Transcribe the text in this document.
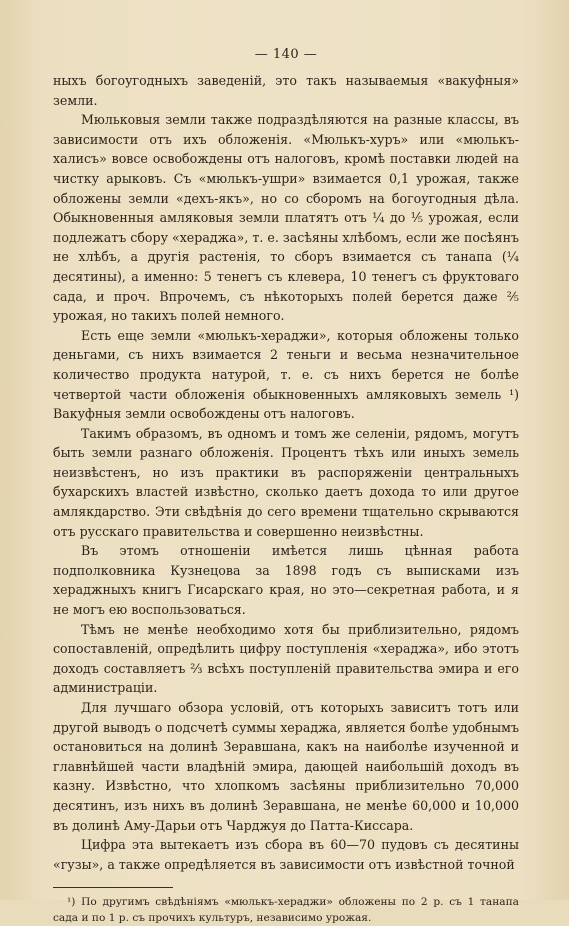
— 140 —

ныхъ богоугодныхъ заведеній, это такъ называемыя «вакуфныя» земли.

Мюльковыя земли также подраздѣляются на разные классы, въ зависимости отъ ихъ обложенія. «Мюлькъ-хуръ» или «мюлькъ-халисъ» вовсе освобождены отъ налоговъ, кромѣ поставки людей на чистку арыковъ. Съ «мюлькъ-ушри» взимается 0,1 урожая, также обложены земли «дехъ-якъ», но со сборомъ на богоугодныя дѣла. Обыкновенныя амляковыя земли платятъ отъ ¼ до ⅕ урожая, если подлежатъ сбору «хераджа», т. е. засѣяны хлѣбомъ, если же посѣянъ не хлѣбъ, а другія растенія, то сборъ взимается съ танапа (¼ десятины), а именно: 5 тенегъ съ клевера, 10 тенегъ съ фруктоваго сада, и проч. Впрочемъ, съ нѣкоторыхъ полей берется даже ⅖ урожая, но такихъ полей немного.

Есть еще земли «мюлькъ-хераджи», которыя обложены только деньгами, съ нихъ взимается 2 теньги и весьма незначительное количество продукта натурой, т. е. съ нихъ берется не болѣе четвертой части обложенія обыкновенныхъ амляковыхъ земель ¹) Вакуфныя земли освобождены отъ налоговъ.

Такимъ образомъ, въ одномъ и томъ же селеніи, рядомъ, могутъ быть земли разнаго обложенія. Процентъ тѣхъ или иныхъ земель неизвѣстенъ, но изъ практики въ распоряженіи центральныхъ бухарскихъ властей извѣстно, сколько даетъ дохода то или другое амлякдарство. Эти свѣдѣнія до сего времени тщательно скрываются отъ русскаго правительства и совершенно неизвѣстны.

Въ этомъ отношеніи имѣется лишь цѣнная работа подполковника Кузнецова за 1898 годъ съ выписками изъ хераджныхъ книгъ Гисарскаго края, но это—секретная работа, и я не могъ ею воспользоваться.

Тѣмъ не менѣе необходимо хотя бы приблизительно, рядомъ сопоставленій, опредѣлить цифру поступленія «хераджа», ибо этотъ доходъ составляетъ ⅔ всѣхъ поступленій правительства эмира и его администраціи.

Для лучшаго обзора условій, отъ которыхъ зависитъ тотъ или другой выводъ о подсчетѣ суммы хераджа, является болѣе удобнымъ остановиться на долинѣ Зеравшана, какъ на наиболѣе изученной и главнѣйшей части владѣній эмира, дающей наибольшій доходъ въ казну. Извѣстно, что хлопкомъ засѣяны приблизительно 70,000 десятинъ, изъ нихъ въ долинѣ Зеравшана, не менѣе 60,000 и 10,000 въ долинѣ Аму-Дарьи отъ Чарджуя до Патта-Киссара.

Цифра эта вытекаетъ изъ сбора въ 60—70 пудовъ съ десятины «гузы», а также опредѣляется въ зависимости отъ извѣстной точной

¹) По другимъ свѣдѣніямъ «мюлькъ-хераджи» обложены по 2 р. съ 1 танапа сада и по 1 р. съ прочихъ культуръ, независимо урожая.
